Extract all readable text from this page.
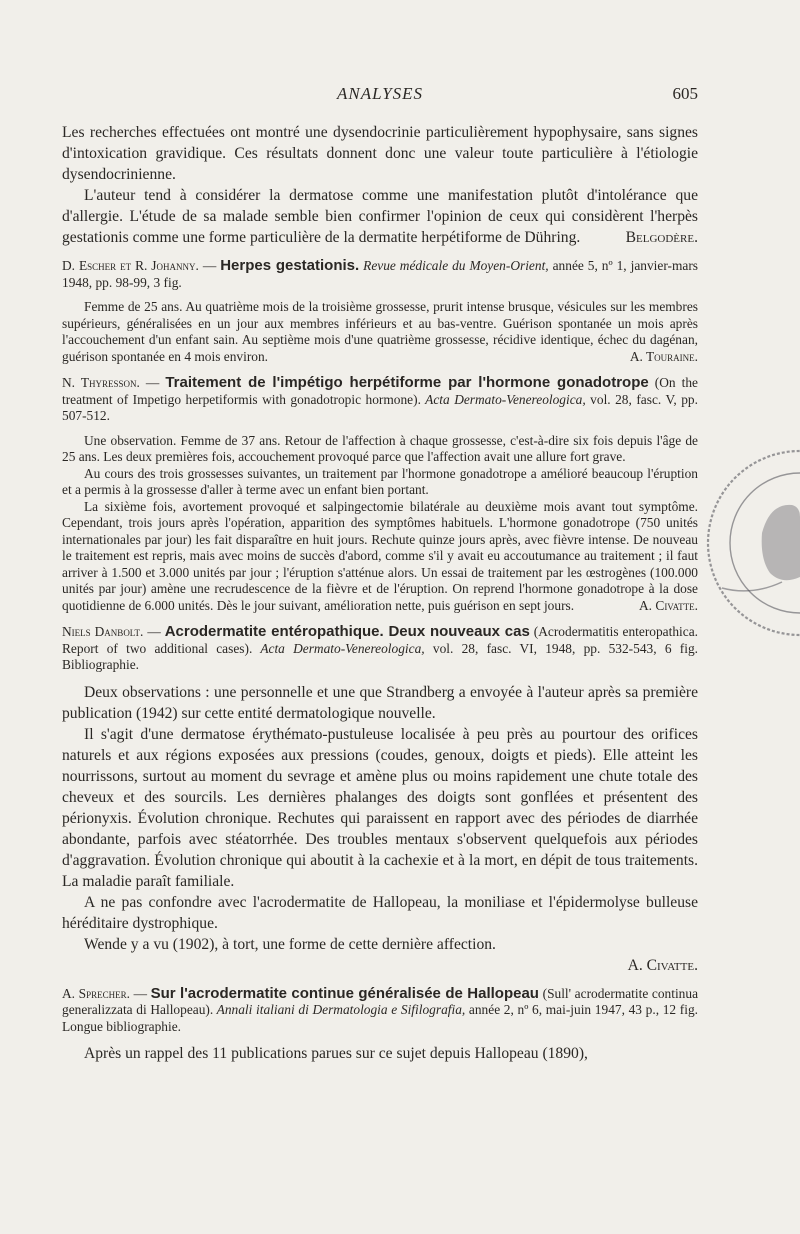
ANALYSES	605

Les recherches effectuées ont montré une dysendocrinie particulièrement hypophysaire, sans signes d'intoxication gravidique. Ces résultats donnent donc une valeur toute particulière à l'étiologie dysendocrinienne.

L'auteur tend à considérer la dermatose comme une manifestation plutôt d'intolérance que d'allergie. L'étude de sa malade semble bien confirmer l'opinion de ceux qui considèrent l'herpès gestationis comme une forme particulière de la dermatite herpétiforme de Dühring.	Belgodère.

D. Escher et R. Johanny. — Herpes gestationis. Revue médicale du Moyen-Orient, année 5, nº 1, janvier-mars 1948, pp. 98-99, 3 fig.

Femme de 25 ans. Au quatrième mois de la troisième grossesse, prurit intense brusque, vésicules sur les membres supérieurs, généralisées en un jour aux membres inférieurs et au bas-ventre. Guérison spontanée un mois après l'accouchement d'un enfant sain. Au septième mois d'une quatrième grossesse, récidive identique, échec du dagénan, guérison spontanée en 4 mois environ.	A. Touraine.

N. Thyresson. — Traitement de l'impétigo herpétiforme par l'hormone gonadotrope (On the treatment of Impetigo herpetiformis with gonadotropic hormone). Acta Dermato-Venereologica, vol. 28, fasc. V, pp. 507-512.

Une observation. Femme de 37 ans. Retour de l'affection à chaque grossesse, c'est-à-dire six fois depuis l'âge de 25 ans. Les deux premières fois, accouchement provoqué parce que l'affection avait une allure fort grave.

Au cours des trois grossesses suivantes, un traitement par l'hormone gonadotrope a amélioré beaucoup l'éruption et a permis à la grossesse d'aller à terme avec un enfant bien portant.

La sixième fois, avortement provoqué et salpingectomie bilatérale au deuxième mois avant tout symptôme. Cependant, trois jours après l'opération, apparition des symptômes habituels. L'hormone gonadotrope (750 unités internationales par jour) les fait disparaître en huit jours. Rechute quinze jours après, avec fièvre intense. De nouveau le traitement est repris, mais avec moins de succès d'abord, comme s'il y avait eu accoutumance au traitement ; il faut arriver à 1.500 et 3.000 unités par jour ; l'éruption s'atténue alors. Un essai de traitement par les œstrogènes (100.000 unités par jour) amène une recrudescence de la fièvre et de l'éruption. On reprend l'hormone gonadotrope à la dose quotidienne de 6.000 unités. Dès le jour suivant, amélioration nette, puis guérison en sept jours.	A. Civatte.

Niels Danbolt. — Acrodermatite entéropathique. Deux nouveaux cas (Acrodermatitis enteropathica. Report of two additional cases). Acta Dermato-Venereologica, vol. 28, fasc. VI, 1948, pp. 532-543, 6 fig. Bibliographie.

Deux observations : une personnelle et une que Strandberg a envoyée à l'auteur après sa première publication (1942) sur cette entité dermatologique nouvelle.

Il s'agit d'une dermatose érythémato-pustuleuse localisée à peu près au pourtour des orifices naturels et aux régions exposées aux pressions (coudes, genoux, doigts et pieds). Elle atteint les nourrissons, surtout au moment du sevrage et amène plus ou moins rapidement une chute totale des cheveux et des sourcils. Les dernières phalanges des doigts sont gonflées et présentent des périonyxis. Évolution chronique. Rechutes qui paraissent en rapport avec des périodes de diarrhée abondante, parfois avec stéatorrhée. Des troubles mentaux s'observent quelquefois aux périodes d'aggravation. Évolution chronique qui aboutit à la cachexie et à la mort, en dépit de tous traitements. La maladie paraît familiale.

A ne pas confondre avec l'acrodermatite de Hallopeau, la moniliase et l'épidermolyse bulleuse héréditaire dystrophique.

Wende y a vu (1902), à tort, une forme de cette dernière affection.

A. Civatte.

A. Sprecher. — Sur l'acrodermatite continue généralisée de Hallopeau (Sull' acrodermatite continua generalizzata di Hallopeau). Annali italiani di Dermatologia e Sifilografia, année 2, nº 6, mai-juin 1947, 43 p., 12 fig. Longue bibliographie.

Après un rappel des 11 publications parues sur ce sujet depuis Hallopeau (1890),
